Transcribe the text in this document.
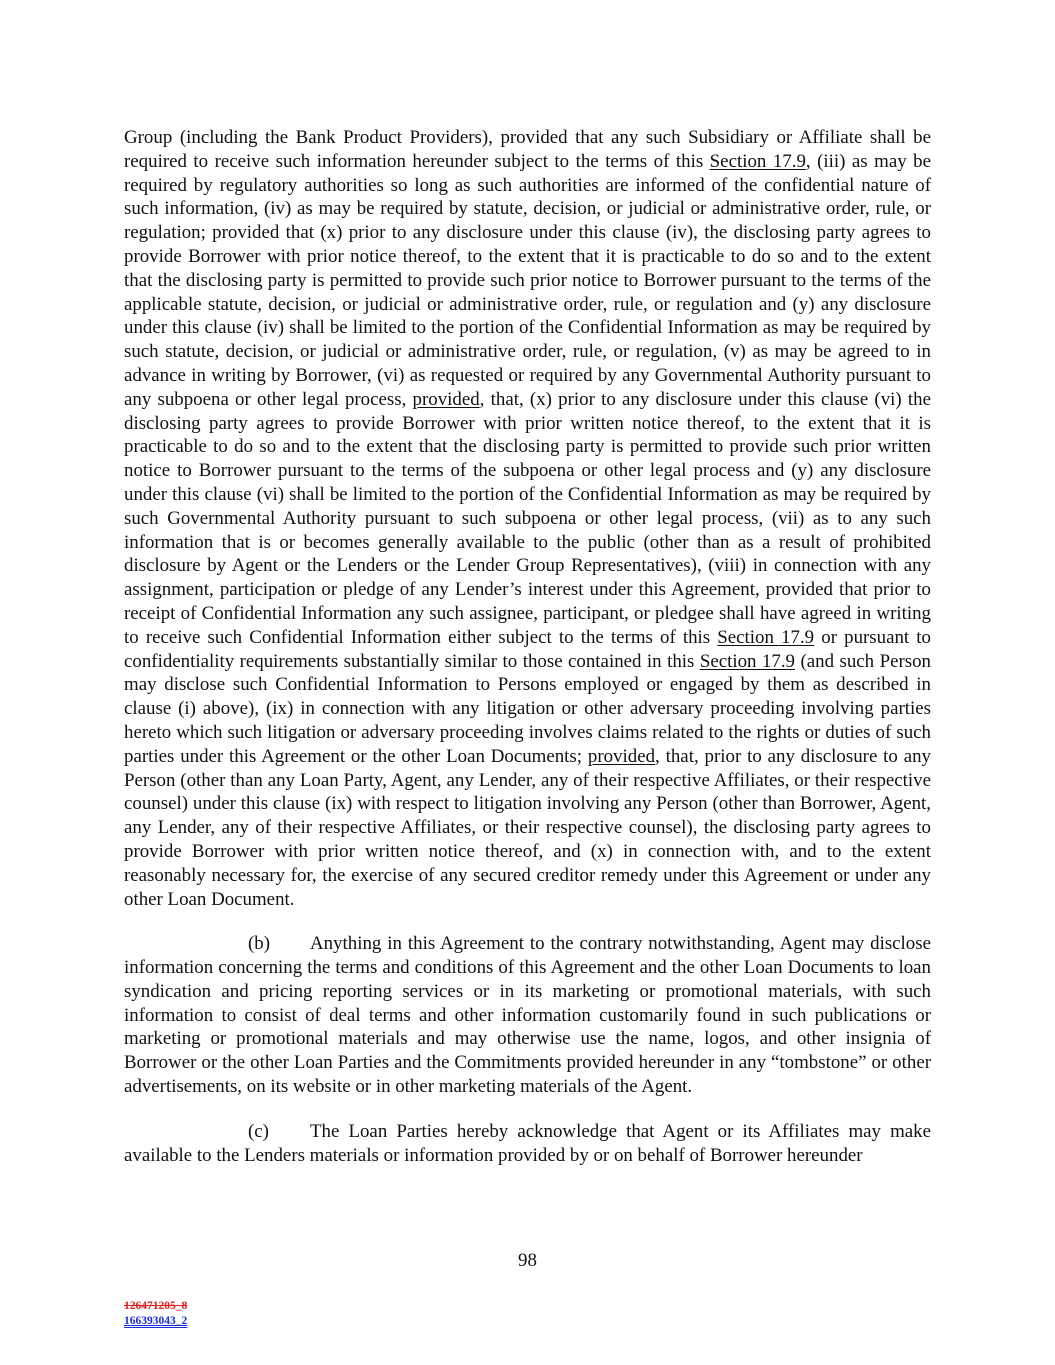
Group (including the Bank Product Providers), provided that any such Subsidiary or Affiliate shall be required to receive such information hereunder subject to the terms of this Section 17.9, (iii) as may be required by regulatory authorities so long as such authorities are informed of the confidential nature of such information, (iv) as may be required by statute, decision, or judicial or administrative order, rule, or regulation; provided that (x) prior to any disclosure under this clause (iv), the disclosing party agrees to provide Borrower with prior notice thereof, to the extent that it is practicable to do so and to the extent that the disclosing party is permitted to provide such prior notice to Borrower pursuant to the terms of the applicable statute, decision, or judicial or administrative order, rule, or regulation and (y) any disclosure under this clause (iv) shall be limited to the portion of the Confidential Information as may be required by such statute, decision, or judicial or administrative order, rule, or regulation, (v) as may be agreed to in advance in writing by Borrower, (vi) as requested or required by any Governmental Authority pursuant to any subpoena or other legal process, provided, that, (x) prior to any disclosure under this clause (vi) the disclosing party agrees to provide Borrower with prior written notice thereof, to the extent that it is practicable to do so and to the extent that the disclosing party is permitted to provide such prior written notice to Borrower pursuant to the terms of the subpoena or other legal process and (y) any disclosure under this clause (vi) shall be limited to the portion of the Confidential Information as may be required by such Governmental Authority pursuant to such subpoena or other legal process, (vii) as to any such information that is or becomes generally available to the public (other than as a result of prohibited disclosure by Agent or the Lenders or the Lender Group Representatives), (viii) in connection with any assignment, participation or pledge of any Lender’s interest under this Agreement, provided that prior to receipt of Confidential Information any such assignee, participant, or pledgee shall have agreed in writing to receive such Confidential Information either subject to the terms of this Section 17.9 or pursuant to confidentiality requirements substantially similar to those contained in this Section 17.9 (and such Person may disclose such Confidential Information to Persons employed or engaged by them as described in clause (i) above), (ix) in connection with any litigation or other adversary proceeding involving parties hereto which such litigation or adversary proceeding involves claims related to the rights or duties of such parties under this Agreement or the other Loan Documents; provided, that, prior to any disclosure to any Person (other than any Loan Party, Agent, any Lender, any of their respective Affiliates, or their respective counsel) under this clause (ix) with respect to litigation involving any Person (other than Borrower, Agent, any Lender, any of their respective Affiliates, or their respective counsel), the disclosing party agrees to provide Borrower with prior written notice thereof, and (x) in connection with, and to the extent reasonably necessary for, the exercise of any secured creditor remedy under this Agreement or under any other Loan Document.

(b) Anything in this Agreement to the contrary notwithstanding, Agent may disclose information concerning the terms and conditions of this Agreement and the other Loan Documents to loan syndication and pricing reporting services or in its marketing or promotional materials, with such information to consist of deal terms and other information customarily found in such publications or marketing or promotional materials and may otherwise use the name, logos, and other insignia of Borrower or the other Loan Parties and the Commitments provided hereunder in any “tombstone” or other advertisements, on its website or in other marketing materials of the Agent.

(c) The Loan Parties hereby acknowledge that Agent or its Affiliates may make available to the Lenders materials or information provided by or on behalf of Borrower hereunder

98
126471205_8
166393043_2
